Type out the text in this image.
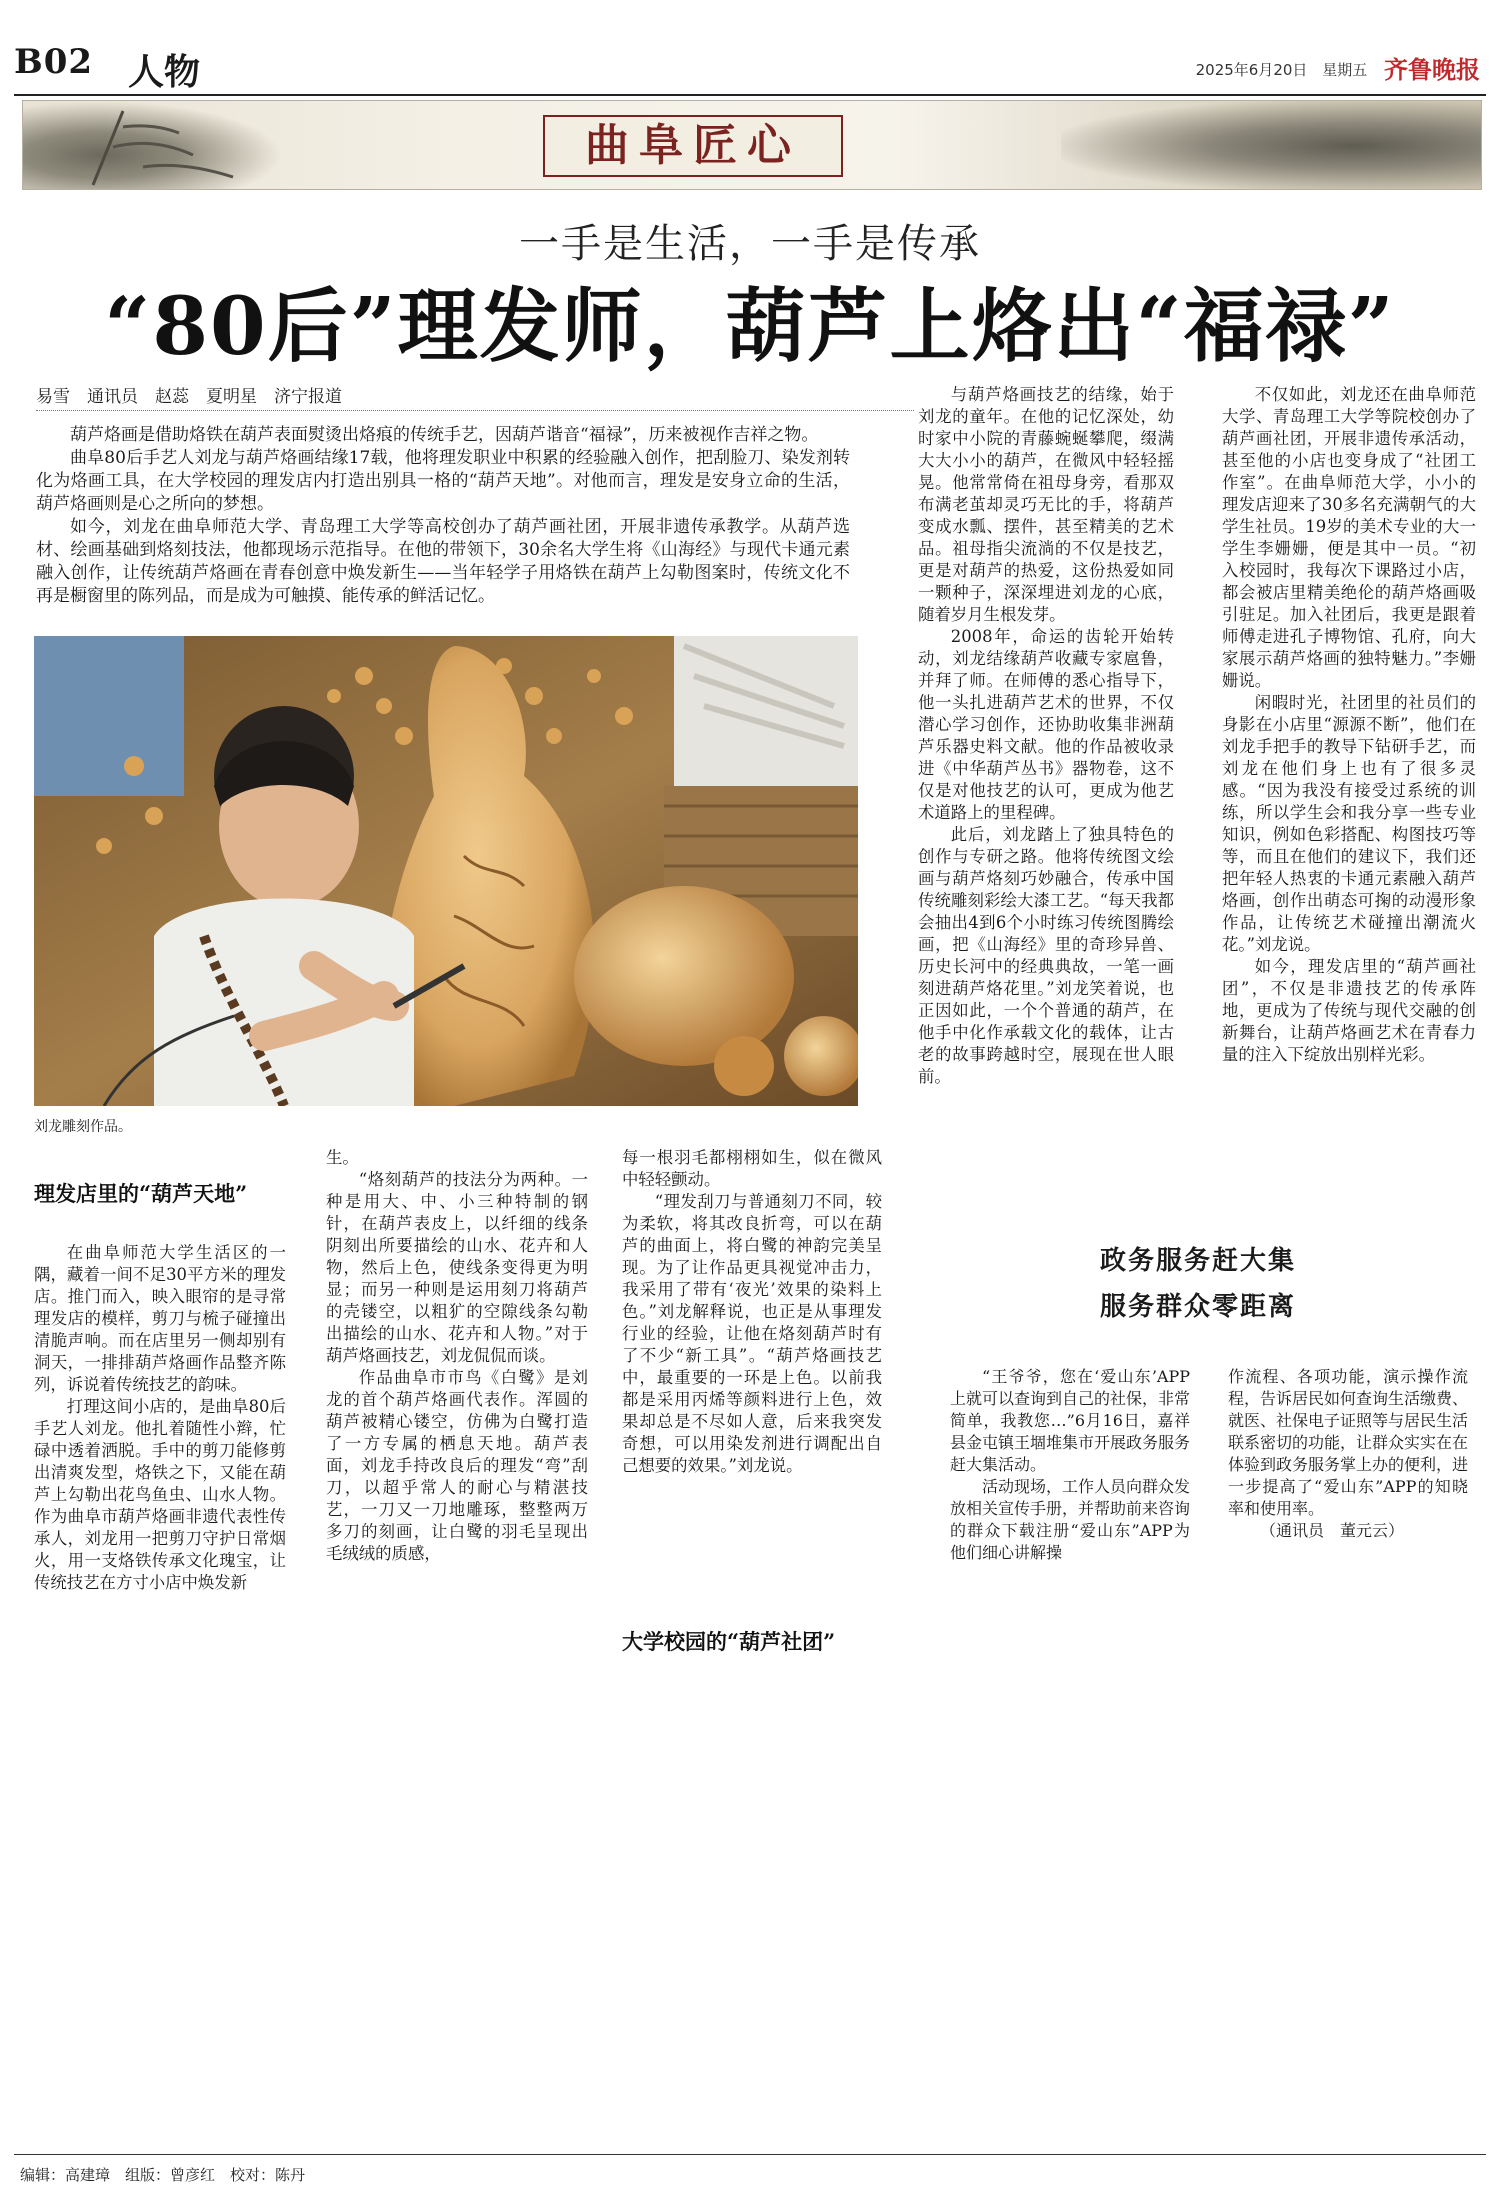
B02 人物	2025年6月20日 星期五 齐鲁晚报
曲阜匠心
一手是生活，一手是传承
“80后”理发师，葫芦上烙出“福禄”
易雪　通讯员　赵蕊　夏明星　济宁报道

葫芦烙画是借助烙铁在葫芦表面熨烫出烙痕的传统手艺，因葫芦谐音“福禄”，历来被视作吉祥之物。

曲阜80后手艺人刘龙与葫芦烙画结缘17载，他将理发职业中积累的经验融入创作，把刮脸刀、染发剂转化为烙画工具，在大学校园的理发店内打造出别具一格的“葫芦天地”。对他而言，理发是安身立命的生活，葫芦烙画则是心之所向的梦想。

如今，刘龙在曲阜师范大学、青岛理工大学等高校创办了葫芦画社团，开展非遗传承教学。从葫芦选材、绘画基础到烙刻技法，他都现场示范指导。在他的带领下，30余名大学生将《山海经》与现代卡通元素融入创作，让传统葫芦烙画在青春创意中焕发新生——当年轻学子用烙铁在葫芦上勾勒图案时，传统文化不再是橱窗里的陈列品，而是成为可触摸、能传承的鲜活记忆。

刘龙雕刻作品。
理发店里的“葫芦天地”

在曲阜师范大学生活区的一隅，藏着一间不足30平方米的理发店。推门而入，映入眼帘的是寻常理发店的模样，剪刀与梳子碰撞出清脆声响。而在店里另一侧却别有洞天，一排排葫芦烙画作品整齐陈列，诉说着传统技艺的韵味。

打理这间小店的，是曲阜80后手艺人刘龙。他扎着随性小辫，忙碌中透着洒脱。手中的剪刀能修剪出清爽发型，烙铁之下，又能在葫芦上勾勒出花鸟鱼虫、山水人物。作为曲阜市葫芦烙画非遗代表性传承人，刘龙用一把剪刀守护日常烟火，用一支烙铁传承文化瑰宝，让传统技艺在方寸小店中焕发新

生。

“烙刻葫芦的技法分为两种。一种是用大、中、小三种特制的钢针，在葫芦表皮上，以纤细的线条阴刻出所要描绘的山水、花卉和人物，然后上色，使线条变得更为明显；而另一种则是运用刻刀将葫芦的壳镂空，以粗犷的空隙线条勾勒出描绘的山水、花卉和人物。”对于葫芦烙画技艺，刘龙侃侃而谈。

作品曲阜市市鸟《白鹭》是刘龙的首个葫芦烙画代表作。浑圆的葫芦被精心镂空，仿佛为白鹭打造了一方专属的栖息天地。葫芦表面，刘龙手持改良后的理发“弯”刮刀，以超乎常人的耐心与精湛技艺，一刀又一刀地雕琢，整整两万多刀的刻画，让白鹭的羽毛呈现出毛绒绒的质感，

每一根羽毛都栩栩如生，似在微风中轻轻颤动。

“理发刮刀与普通刻刀不同，较为柔软，将其改良折弯，可以在葫芦的曲面上，将白鹭的神韵完美呈现。为了让作品更具视觉冲击力，我采用了带有‘夜光’效果的染料上色。”刘龙解释说，也正是从事理发行业的经验，让他在烙刻葫芦时有了不少“新工具”。“葫芦烙画技艺中，最重要的一环是上色。以前我都是采用丙烯等颜料进行上色，效果却总是不尽如人意，后来我突发奇想，可以用染发剂进行调配出自己想要的效果。”刘龙说。

大学校园的“葫芦社团”

与葫芦烙画技艺的结缘，始于刘龙的童年。在他的记忆深处，幼时家中小院的青藤蜿蜒攀爬，缀满大大小小的葫芦，在微风中轻轻摇晃。他常常倚在祖母身旁，看那双布满老茧却灵巧无比的手，将葫芦变成水瓢、摆件，甚至精美的艺术品。祖母指尖流淌的不仅是技艺，更是对葫芦的热爱，这份热爱如同一颗种子，深深埋进刘龙的心底，随着岁月生根发芽。

2008年，命运的齿轮开始转动，刘龙结缘葫芦收藏专家扈鲁，并拜了师。在师傅的悉心指导下，他一头扎进葫芦艺术的世界，不仅潜心学习创作，还协助收集非洲葫芦乐器史料文献。他的作品被收录进《中华葫芦丛书》器物卷，这不仅是对他技艺的认可，更成为他艺术道路上的里程碑。

此后，刘龙踏上了独具特色的创作与专研之路。他将传统图文绘画与葫芦烙刻巧妙融合，传承中国传统雕刻彩绘大漆工艺。“每天我都会抽出4到6个小时练习传统图腾绘画，把《山海经》里的奇珍异兽、历史长河中的经典典故，一笔一画刻进葫芦烙花里。”刘龙笑着说，也正因如此，一个个普通的葫芦，在他手中化作承载文化的载体，让古老的故事跨越时空，展现在世人眼前。

不仅如此，刘龙还在曲阜师范大学、青岛理工大学等院校创办了葫芦画社团，开展非遗传承活动，甚至他的小店也变身成了“社团工作室”。在曲阜师范大学，小小的理发店迎来了30多名充满朝气的大学生社员。19岁的美术专业的大一学生李姗姗，便是其中一员。“初入校园时，我每次下课路过小店，都会被店里精美绝伦的葫芦烙画吸引驻足。加入社团后，我更是跟着师傅走进孔子博物馆、孔府，向大家展示葫芦烙画的独特魅力。”李姗姗说。

闲暇时光，社团里的社员们的身影在小店里“源源不断”，他们在刘龙手把手的教导下钻研手艺，而刘龙在他们身上也有了很多灵感。“因为我没有接受过系统的训练，所以学生会和我分享一些专业知识，例如色彩搭配、构图技巧等等，而且在他们的建议下，我们还把年轻人热衷的卡通元素融入葫芦烙画，创作出萌态可掬的动漫形象作品，让传统艺术碰撞出潮流火花。”刘龙说。

如今，理发店里的“葫芦画社团”，不仅是非遗技艺的传承阵地，更成为了传统与现代交融的创新舞台，让葫芦烙画艺术在青春力量的注入下绽放出别样光彩。

政务服务赶大集
服务群众零距离

“王爷爷，您在‘爱山东’APP上就可以查询到自己的社保，非常简单，我教您…”6月16日，嘉祥县金屯镇王堌堆集市开展政务服务赶大集活动。

活动现场，工作人员向群众发放相关宣传手册，并帮助前来咨询的群众下载注册“爱山东”APP为他们细心讲解操

作流程、各项功能，演示操作流程，告诉居民如何查询生活缴费、就医、社保电子证照等与居民生活联系密切的功能，让群众实实在在体验到政务服务掌上办的便利，进一步提高了“爱山东”APP的知晓率和使用率。

（通讯员　董元云）

编辑：高建璋　组版：曾彦红　校对：陈丹
